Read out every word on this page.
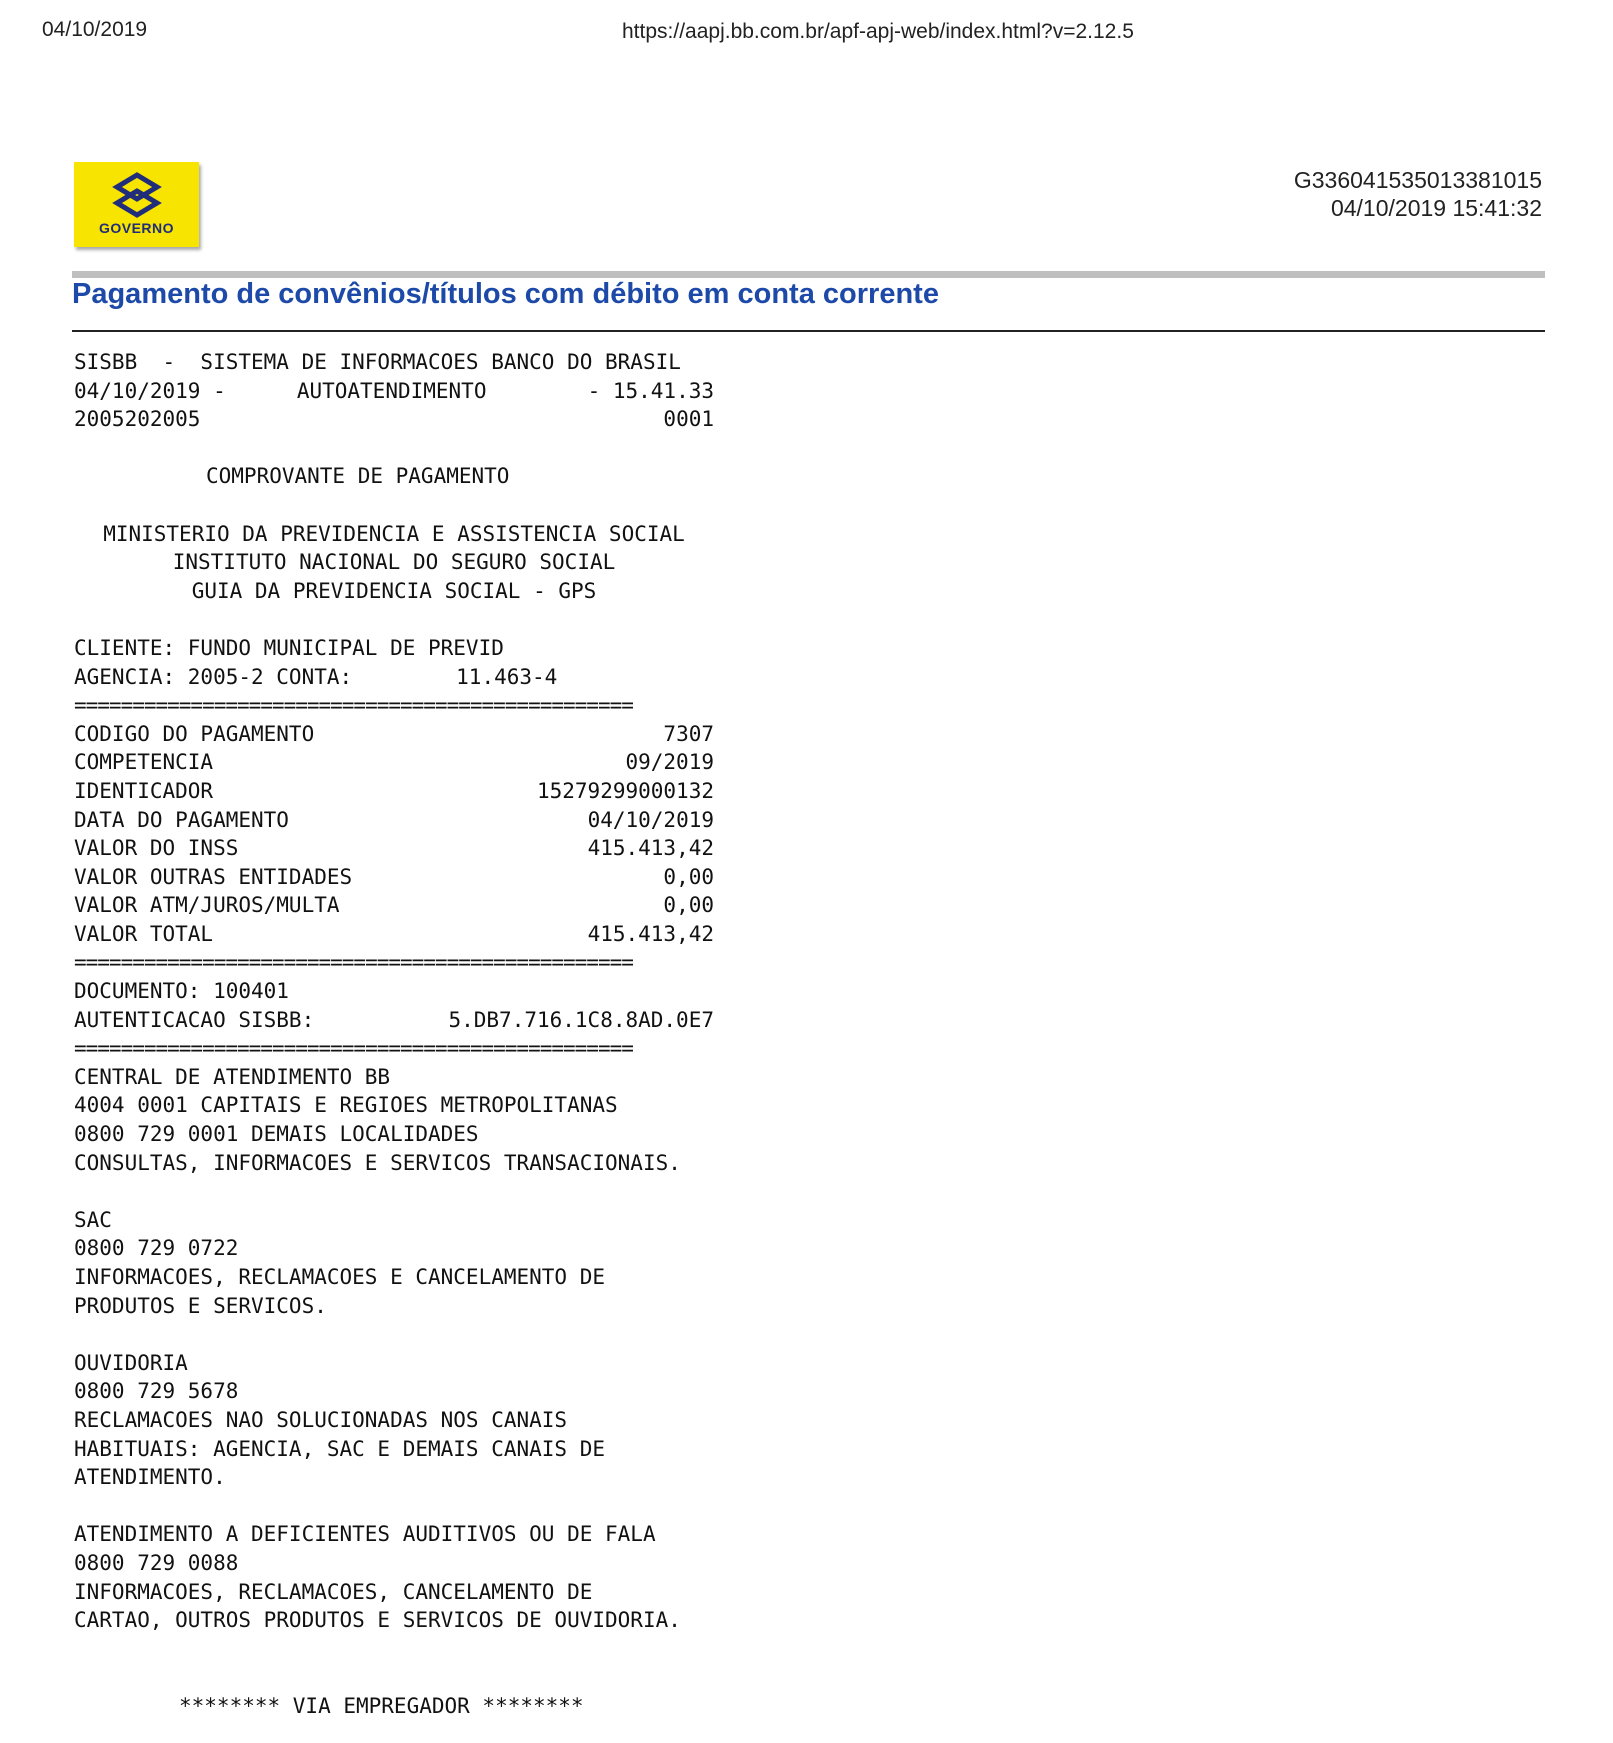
04/10/2019	https://aapj.bb.com.br/apf-apj-web/index.html?v=2.12.5
GOVERNO
G336041535013381015
04/10/2019 15:41:32
Pagamento de convênios/títulos com débito em conta corrente
SISBB  -  SISTEMA DE INFORMACOES BANCO DO BRASIL
04/10/2019 -	AUTOATENDIMENTO	- 15.41.33
2005202005	0001
COMPROVANTE DE PAGAMENTO
MINISTERIO DA PREVIDENCIA E ASSISTENCIA SOCIAL
INSTITUTO NACIONAL DO SEGURO SOCIAL
GUIA DA PREVIDENCIA SOCIAL - GPS
CLIENTE: FUNDO MUNICIPAL DE PREVID
AGENCIA: 2005-2 CONTA:	11.463-4
================================================
CODIGO DO PAGAMENTO	7307
COMPETENCIA	09/2019
IDENTICADOR	15279299000132
DATA DO PAGAMENTO	04/10/2019
VALOR DO INSS	415.413,42
VALOR OUTRAS ENTIDADES	0,00
VALOR ATM/JUROS/MULTA	0,00
VALOR TOTAL	415.413,42
================================================
DOCUMENTO: 100401
AUTENTICACAO SISBB:	5.DB7.716.1C8.8AD.0E7
================================================
CENTRAL DE ATENDIMENTO BB
4004 0001 CAPITAIS E REGIOES METROPOLITANAS
0800 729 0001 DEMAIS LOCALIDADES
CONSULTAS, INFORMACOES E SERVICOS TRANSACIONAIS.
SAC
0800 729 0722
INFORMACOES, RECLAMACOES E CANCELAMENTO DE
PRODUTOS E SERVICOS.
OUVIDORIA
0800 729 5678
RECLAMACOES NAO SOLUCIONADAS NOS CANAIS
HABITUAIS: AGENCIA, SAC E DEMAIS CANAIS DE
ATENDIMENTO.
ATENDIMENTO A DEFICIENTES AUDITIVOS OU DE FALA
0800 729 0088
INFORMACOES, RECLAMACOES, CANCELAMENTO DE
CARTAO, OUTROS PRODUTOS E SERVICOS DE OUVIDORIA.
******** VIA EMPREGADOR ********
